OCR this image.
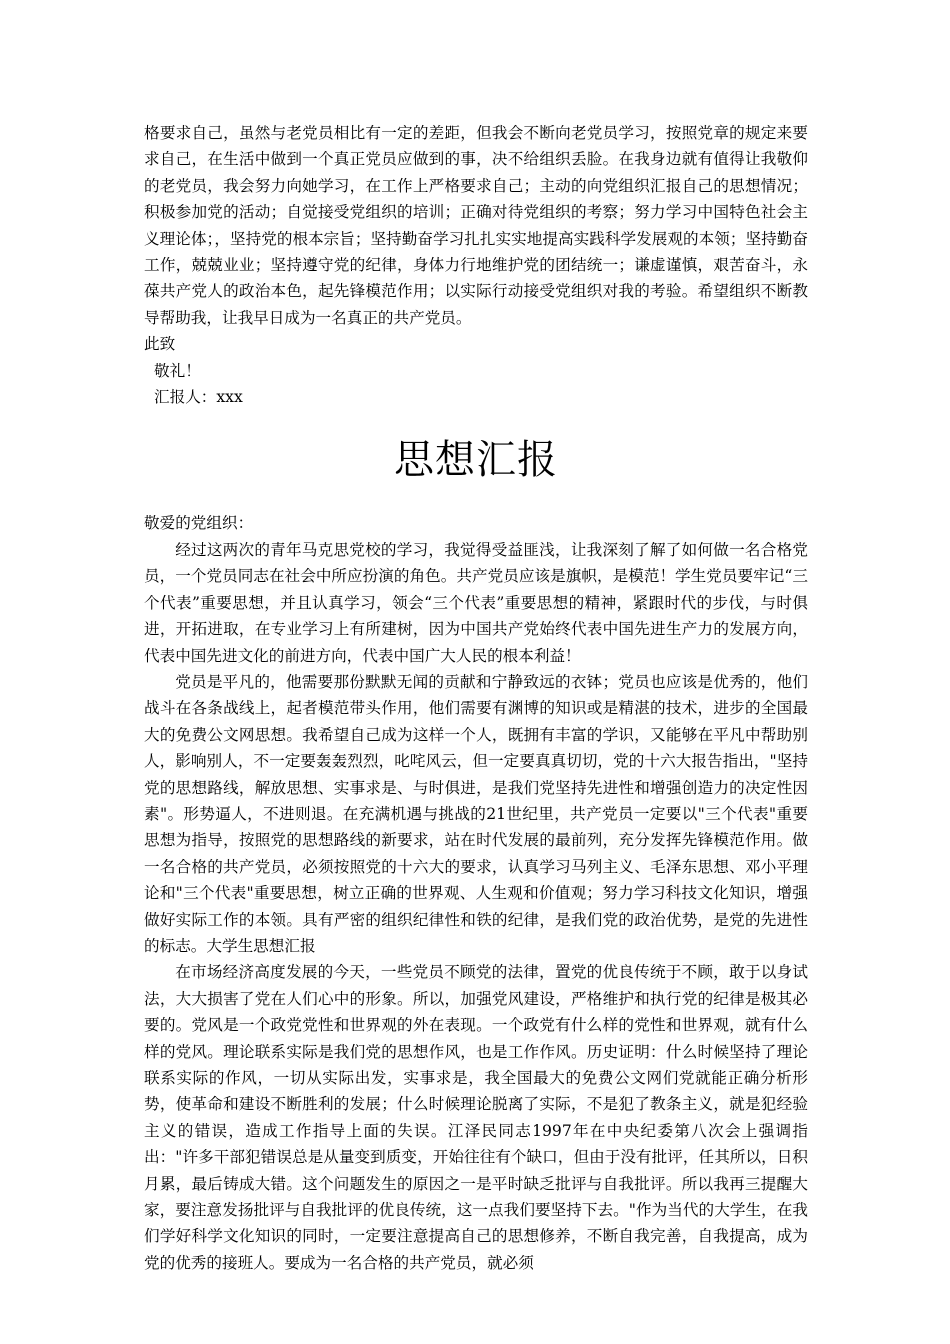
格要求自己，虽然与老党员相比有一定的差距，但我会不断向老党员学习，按照党章的规定来要求自己，在生活中做到一个真正党员应做到的事，决不给组织丢脸。在我身边就有值得让我敬仰的老党员，我会努力向她学习，在工作上严格要求自己；主动的向党组织汇报自己的思想情况；积极参加党的活动；自觉接受党组织的培训；正确对待党组织的考察；努力学习中国特色社会主义理论体；，坚持党的根本宗旨；坚持勤奋学习扎扎实实地提高实践科学发展观的本领；坚持勤奋工作，兢兢业业；坚持遵守党的纪律，身体力行地维护党的团结统一；谦虚谨慎，艰苦奋斗，永葆共产党人的政治本色，起先锋模范作用；以实际行动接受党组织对我的考验。希望组织不断教导帮助我，让我早日成为一名真正的共产党员。

此致

敬礼！

汇报人：xxx

思想汇报

敬爱的党组织：

经过这两次的青年马克思党校的学习，我觉得受益匪浅，让我深刻了解了如何做一名合格党员，一个党员同志在社会中所应扮演的角色。共产党员应该是旗帜，是模范！学生党员要牢记“三个代表”重要思想，并且认真学习，领会“三个代表”重要思想的精神，紧跟时代的步伐，与时俱进，开拓进取，在专业学习上有所建树，因为中国共产党始终代表中国先进生产力的发展方向，代表中国先进文化的前进方向，代表中国广大人民的根本利益！

党员是平凡的，他需要那份默默无闻的贡献和宁静致远的衣钵；党员也应该是优秀的，他们战斗在各条战线上，起者模范带头作用，他们需要有渊博的知识或是精湛的技术，进步的全国最大的免费公文网思想。我希望自己成为这样一个人，既拥有丰富的学识，又能够在平凡中帮助别人，影响别人，不一定要轰轰烈烈，叱咤风云，但一定要真真切切，党的十六大报告指出，"坚持党的思想路线，解放思想、实事求是、与时俱进，是我们党坚持先进性和增强创造力的决定性因素"。形势逼人，不进则退。在充满机遇与挑战的21世纪里，共产党员一定要以"三个代表"重要思想为指导，按照党的思想路线的新要求，站在时代发展的最前列，充分发挥先锋模范作用。做一名合格的共产党员，必须按照党的十六大的要求，认真学习马列主义、毛泽东思想、邓小平理论和"三个代表"重要思想，树立正确的世界观、人生观和价值观；努力学习科技文化知识，增强做好实际工作的本领。具有严密的组织纪律性和铁的纪律，是我们党的政治优势，是党的先进性的标志。大学生思想汇报

在市场经济高度发展的今天，一些党员不顾党的法律，置党的优良传统于不顾，敢于以身试法，大大损害了党在人们心中的形象。所以，加强党风建设，严格维护和执行党的纪律是极其必要的。党风是一个政党党性和世界观的外在表现。一个政党有什么样的党性和世界观，就有什么样的党风。理论联系实际是我们党的思想作风，也是工作作风。历史证明：什么时候坚持了理论联系实际的作风，一切从实际出发，实事求是，我全国最大的免费公文网们党就能正确分析形势，使革命和建设不断胜利的发展；什么时候理论脱离了实际，不是犯了教条主义，就是犯经验主义的错误，造成工作指导上面的失误。江泽民同志1997年在中央纪委第八次会上强调指出："许多干部犯错误总是从量变到质变，开始往往有个缺口，但由于没有批评，任其所以，日积月累，最后铸成大错。这个问题发生的原因之一是平时缺乏批评与自我批评。所以我再三提醒大家，要注意发扬批评与自我批评的优良传统，这一点我们要坚持下去。"作为当代的大学生，在我们学好科学文化知识的同时，一定要注意提高自己的思想修养，不断自我完善，自我提高，成为党的优秀的接班人。要成为一名合格的共产党员，就必须
